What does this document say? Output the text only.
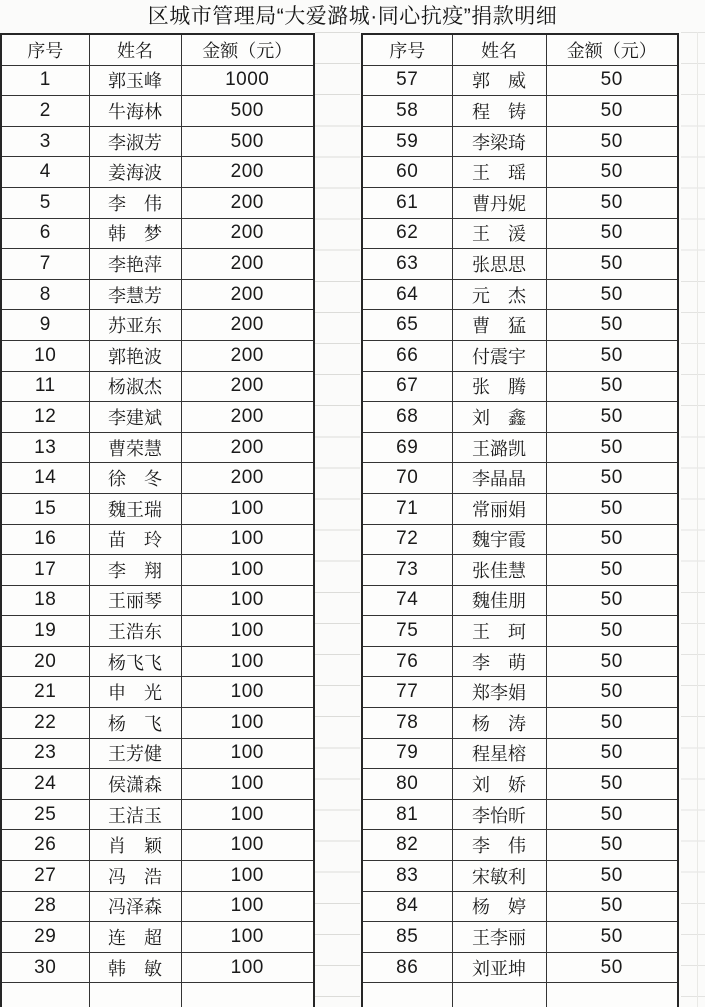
区城市管理局“大爱潞城·同心抗疫”捐款明细
序号	姓名	金额（元）
1	郭玉峰	1000
2	牛海林	500
3	李淑芳	500
4	姜海波	200
5	李　伟	200
6	韩　梦	200
7	李艳萍	200
8	李慧芳	200
9	苏亚东	200
10	郭艳波	200
11	杨淑杰	200
12	李建斌	200
13	曹荣慧	200
14	徐　冬	200
15	魏王瑞	100
16	苗　玲	100
17	李　翔	100
18	王丽琴	100
19	王浩东	100
20	杨飞飞	100
21	申　光	100
22	杨　飞	100
23	王芳健	100
24	侯潇森	100
25	王洁玉	100
26	肖　颖	100
27	冯　浩	100
28	冯泽森	100
29	连　超	100
30	韩　敏	100

序号	姓名	金额（元）
57	郭　威	50
58	程　铸	50
59	李梁琦	50
60	王　瑶	50
61	曹丹妮	50
62	王　湲	50
63	张思思	50
64	元　杰	50
65	曹　猛	50
66	付震宇	50
67	张　腾	50
68	刘　鑫	50
69	王潞凯	50
70	李晶晶	50
71	常丽娟	50
72	魏宇霞	50
73	张佳慧	50
74	魏佳朋	50
75	王　珂	50
76	李　萌	50
77	郑李娟	50
78	杨　涛	50
79	程星榕	50
80	刘　娇	50
81	李怡昕	50
82	李　伟	50
83	宋敏利	50
84	杨　婷	50
85	王李丽	50
86	刘亚坤	50
